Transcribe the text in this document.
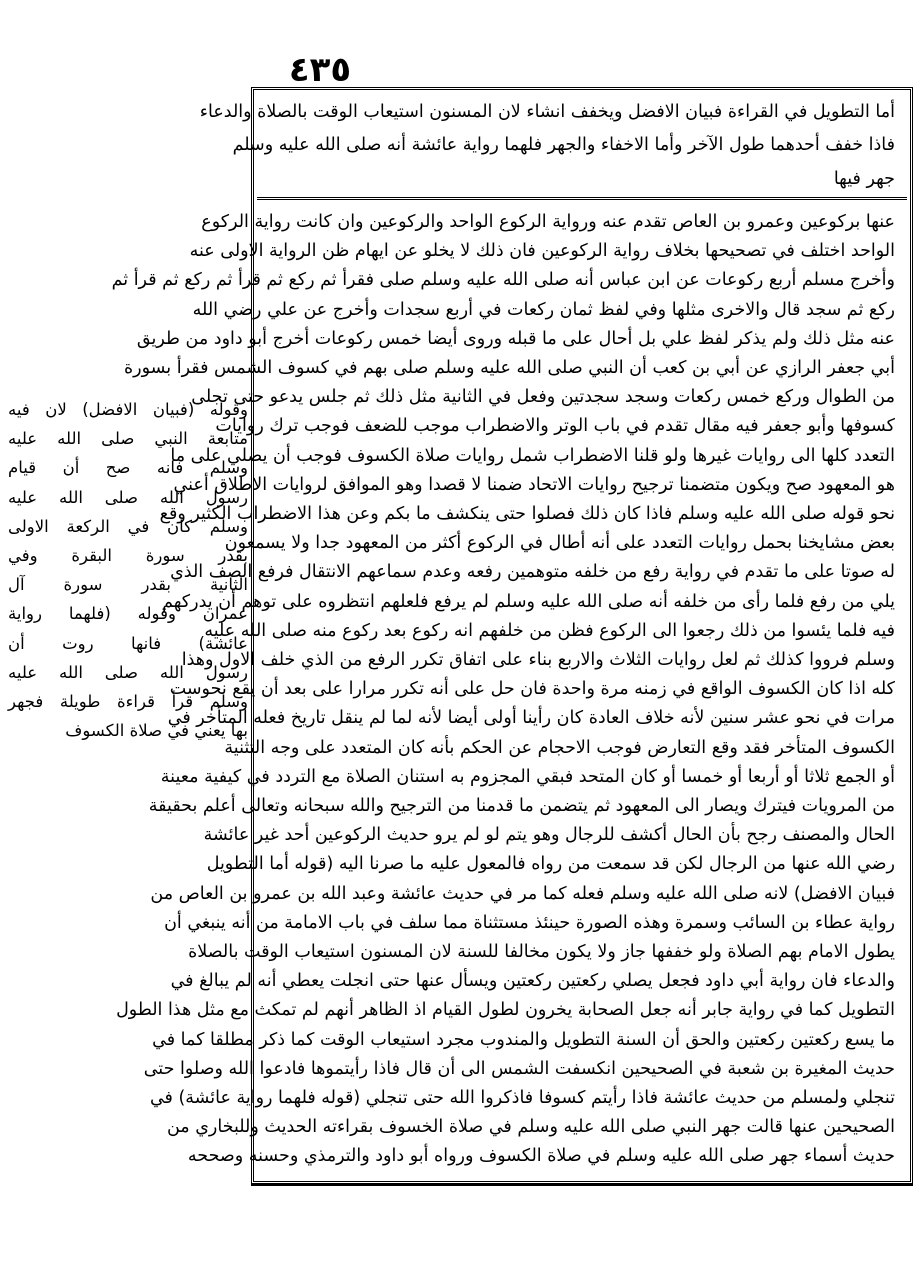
٤٣٥
أما التطويل في القراءة فبيان الافضل ويخفف انشاء لان المسنون استيعاب الوقت بالصلاة والدعاء
فاذا خفف أحدهما طول الآخر وأما الاخفاء والجهر فلهما رواية عائشة أنه صلى الله عليه وسلم
جهر فيها
عنها بركوعين وعمرو بن العاص تقدم عنه ورواية الركوع الواحد والركوعين وان كانت رواية الركوع
الواحد اختلف في تصحيحها بخلاف رواية الركوعين فان ذلك لا يخلو عن ايهام ظن الرواية الاولى عنه
وأخرج مسلم أربع ركوعات عن ابن عباس أنه صلى الله عليه وسلم صلى فقرأ ثم ركع ثم قرأ ثم ركع ثم قرأ ثم
ركع ثم سجد قال والاخرى مثلها وفي لفظ ثمان ركعات في أربع سجدات وأخرج عن علي رضي الله
عنه مثل ذلك ولم يذكر لفظ علي بل أحال على ما قبله وروى أيضا خمس ركوعات أخرج أبو داود من طريق
أبي جعفر الرازي عن أبي بن كعب أن النبي صلى الله عليه وسلم صلى بهم في كسوف الشمس فقرأ بسورة
من الطوال وركع خمس ركعات وسجد سجدتين وفعل في الثانية مثل ذلك ثم جلس يدعو حتى تجلى
كسوفها وأبو جعفر فيه مقال تقدم في باب الوتر والاضطراب موجب للضعف فوجب ترك روايات
التعدد كلها الى روايات غيرها ولو قلنا الاضطراب شمل روايات صلاة الكسوف فوجب أن يصلي على ما
هو المعهود صح ويكون متضمنا ترجيح روايات الاتحاد ضمنا لا قصدا وهو الموافق لروايات الاطلاق أعني
نحو قوله صلى الله عليه وسلم فاذا كان ذلك فصلوا حتى ينكشف ما بكم وعن هذا الاضطراب الكثير وقع
بعض مشايخنا بحمل روايات التعدد على أنه أطال في الركوع أكثر من المعهود جدا ولا يسمعون
له صوتا على ما تقدم في رواية رفع من خلفه متوهمين رفعه وعدم سماعهم الانتقال فرفع الصف الذي
يلي من رفع فلما رأى من خلفه أنه صلى الله عليه وسلم لم يرفع فلعلهم انتظروه على توهم أن يدركهم
فيه فلما يئسوا من ذلك رجعوا الى الركوع فظن من خلفهم انه ركوع بعد ركوع منه صلى الله عليه
وسلم فرووا كذلك ثم لعل روايات الثلاث والاربع بناء على اتفاق تكرر الرفع من الذي خلف الاول وهذا
كله اذا كان الكسوف الواقع في زمنه مرة واحدة فان حل على أنه تكرر مرارا على بعد أن يقع نحوست
مرات في نحو عشر سنين لأنه خلاف العادة كان رأينا أولى أيضا لأنه لما لم ينقل تاريخ فعله المتأخر في
الكسوف المتأخر فقد وقع التعارض فوجب الاحجام عن الحكم بأنه كان المتعدد على وجه التثنية
أو الجمع ثلاثا أو أربعا أو خمسا أو كان المتحد فبقي المجزوم به استنان الصلاة مع التردد في كيفية معينة
من المرويات فيترك ويصار الى المعهود ثم يتضمن ما قدمنا من الترجيح والله سبحانه وتعالى أعلم بحقيقة
الحال والمصنف رجح بأن الحال أكشف للرجال وهو يتم لو لم يرو حديث الركوعين أحد غير عائشة
رضي الله عنها من الرجال لكن قد سمعت من رواه فالمعول عليه ما صرنا اليه (قوله أما التطويل
فبيان الافضل) لانه صلى الله عليه وسلم فعله كما مر في حديث عائشة وعبد الله بن عمرو بن العاص من
رواية عطاء بن السائب وسمرة وهذه الصورة حينئذ مستثناة مما سلف في باب الامامة من أنه ينبغي أن
يطول الامام بهم الصلاة ولو خففها جاز ولا يكون مخالفا للسنة لان المسنون استيعاب الوقت بالصلاة
والدعاء فان رواية أبي داود فجعل يصلي ركعتين ركعتين ويسأل عنها حتى انجلت يعطي أنه لم يبالغ في
التطويل كما في رواية جابر أنه جعل الصحابة يخرون لطول القيام اذ الظاهر أنهم لم تمكث مع مثل هذا الطول
ما يسع ركعتين ركعتين والحق أن السنة التطويل والمندوب مجرد استيعاب الوقت كما ذكر مطلقا كما في
حديث المغيرة بن شعبة في الصحيحين انكسفت الشمس الى أن قال فاذا رأيتموها فادعوا الله وصلوا حتى
تنجلي ولمسلم من حديث عائشة فاذا رأيتم كسوفا فاذكروا الله حتى تنجلي (قوله فلهما رواية عائشة) في
الصحيحين عنها قالت جهر النبي صلى الله عليه وسلم في صلاة الخسوف بقراءته الحديث وللبخاري من
حديث أسماء جهر صلى الله عليه وسلم في صلاة الكسوف ورواه أبو داود والترمذي وحسنه وصححه
وقوله (فبيان الافضل) لان فيه
متابعة النبي صلى الله عليه
وسلم فانه صح أن قيام
رسول الله صلى الله عليه
وسلم كان في الركعة الاولى
بقدر سورة البقرة وفي
الثانية بقدر سورة آل
عمران وقوله (فلهما رواية
عائشة) فانها روت أن
رسول الله صلى الله عليه
وسلم قرأ قراءة طويلة فجهر
بها يعني في صلاة الكسوف
